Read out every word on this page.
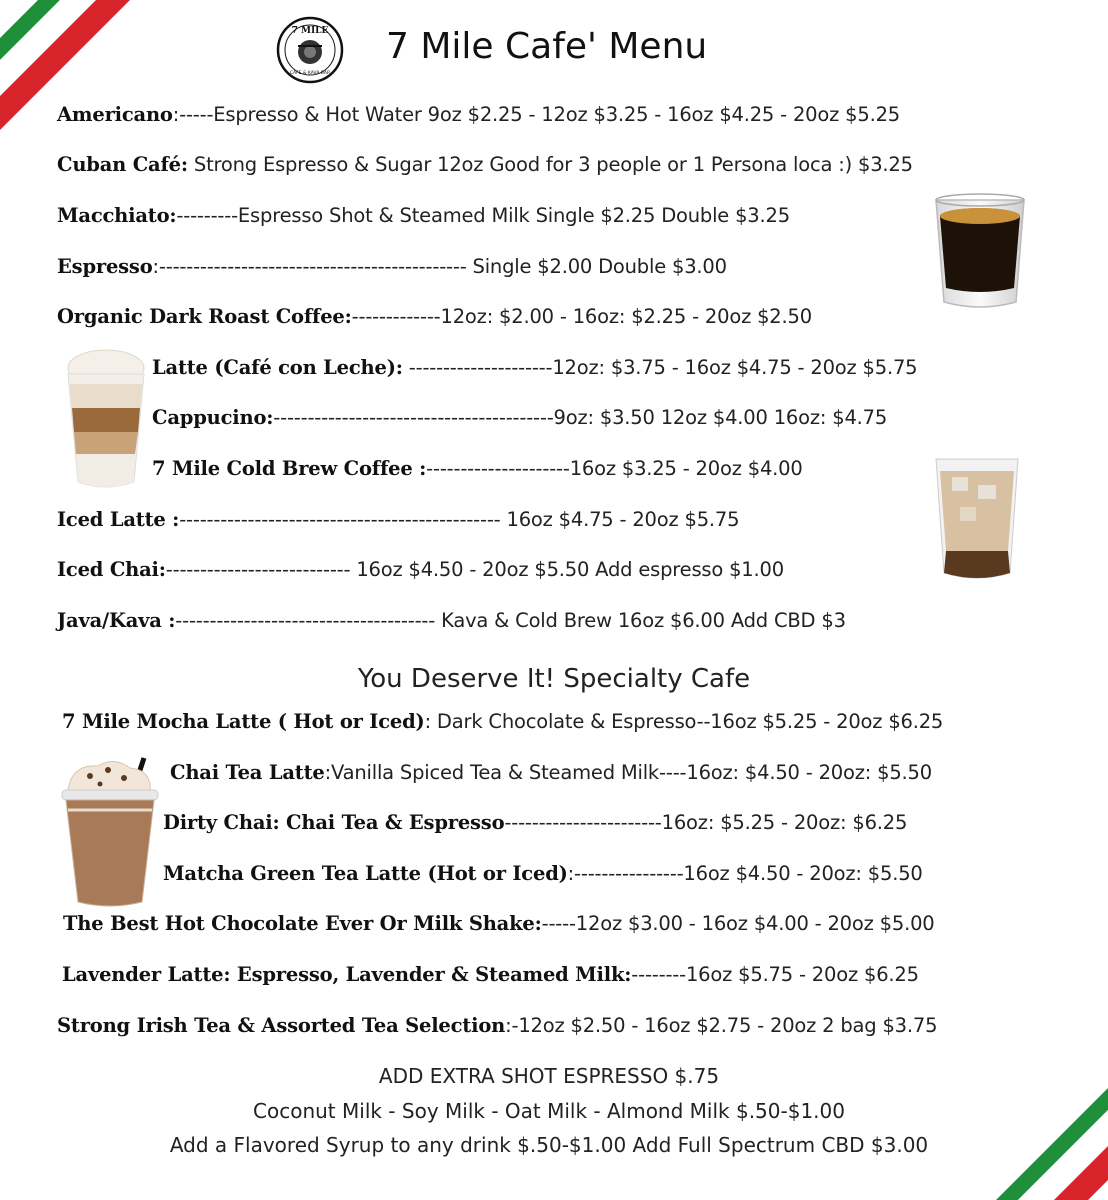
7 MILE
CAFE & KAVA BAR
7 Mile Cafe' Menu
Americano:-----Espresso & Hot Water 9oz $2.25 - 12oz $3.25 - 16oz $4.25 - 20oz $5.25
Cuban Café: Strong Espresso & Sugar 12oz Good for 3 people or 1 Persona loca :) $3.25
Macchiato:---------Espresso Shot & Steamed Milk Single $2.25 Double $3.25
Espresso:--------------------------------------------- Single $2.00 Double $3.00
Organic Dark Roast Coffee:-------------12oz: $2.00 - 16oz: $2.25 - 20oz $2.50
Latte (Café con Leche): ---------------------12oz: $3.75 - 16oz $4.75 - 20oz $5.75
Cappucino:-----------------------------------------9oz: $3.50 12oz $4.00 16oz: $4.75
7 Mile Cold Brew Coffee :---------------------16oz $3.25 - 20oz $4.00
Iced Latte :----------------------------------------------- 16oz $4.75 - 20oz $5.75
Iced Chai:--------------------------- 16oz $4.50 - 20oz $5.50 Add espresso $1.00
Java/Kava :-------------------------------------- Kava & Cold Brew 16oz $6.00 Add CBD $3
You Deserve It! Specialty Cafe
7 Mile Mocha Latte ( Hot or Iced): Dark Chocolate & Espresso--16oz $5.25 - 20oz $6.25
Chai Tea Latte:Vanilla Spiced Tea & Steamed Milk----16oz: $4.50 - 20oz: $5.50
Dirty Chai: Chai Tea & Espresso-----------------------16oz: $5.25 - 20oz: $6.25
Matcha Green Tea Latte (Hot or Iced):----------------16oz $4.50 - 20oz: $5.50
The Best Hot Chocolate Ever Or Milk Shake:-----12oz $3.00 - 16oz $4.00 - 20oz $5.00
Lavender Latte: Espresso, Lavender & Steamed Milk:--------16oz $5.75 - 20oz $6.25
Strong Irish Tea & Assorted Tea Selection:-12oz $2.50 - 16oz $2.75 - 20oz 2 bag $3.75
ADD EXTRA SHOT ESPRESSO $.75
Coconut Milk - Soy Milk - Oat Milk - Almond Milk $.50-$1.00
Add a Flavored Syrup to any drink $.50-$1.00 Add Full Spectrum CBD $3.00
